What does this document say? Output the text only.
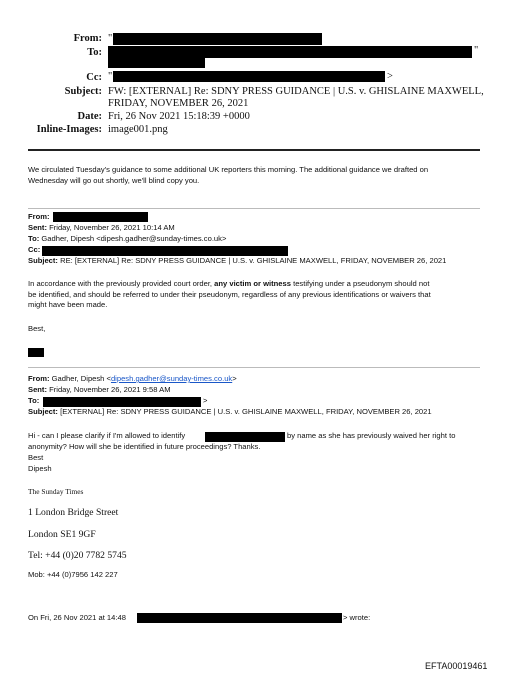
From: "
To:	"
Cc: "	>
Subject: FW: [EXTERNAL] Re: SDNY PRESS GUIDANCE | U.S. v. GHISLAINE MAXWELL,
FRIDAY, NOVEMBER 26, 2021
Date: Fri, 26 Nov 2021 15:18:39 +0000
Inline-Images: image001.png
We circulated Tuesday's guidance to some additional UK reporters this morning. The additional guidance we drafted on
Wednesday will go out shortly, we'll blind copy you.
From:
Sent: Friday, November 26, 2021 10:14 AM
To: Gadher, Dipesh <dipesh.gadher@sunday-times.co.uk>
Cc:
Subject: RE: [EXTERNAL] Re: SDNY PRESS GUIDANCE | U.S. v. GHISLAINE MAXWELL, FRIDAY, NOVEMBER 26, 2021
In accordance with the previously provided court order, any victim or witness testifying under a pseudonym should not
be identified, and should be referred to under their pseudonym, regardless of any previous identifications or waivers that
might have been made.
Best,
From: Gadher, Dipesh <dipesh.gadher@sunday-times.co.uk>
Sent: Friday, November 26, 2021 9:58 AM
To:	>
Subject: [EXTERNAL] Re: SDNY PRESS GUIDANCE | U.S. v. GHISLAINE MAXWELL, FRIDAY, NOVEMBER 26, 2021
Hi - can I please clarify if I'm allowed to identify	by name as she has previously waived her right to
anonymity? How will she be identified in future proceedings? Thanks.
Best
Dipesh
The Sunday Times
1 London Bridge Street
London SE1 9GF
Tel: +44 (0)20 7782 5745
Mob: +44 (0)7956 142 227
On Fri, 26 Nov 2021 at 14:48	> wrote:
EFTA00019461
